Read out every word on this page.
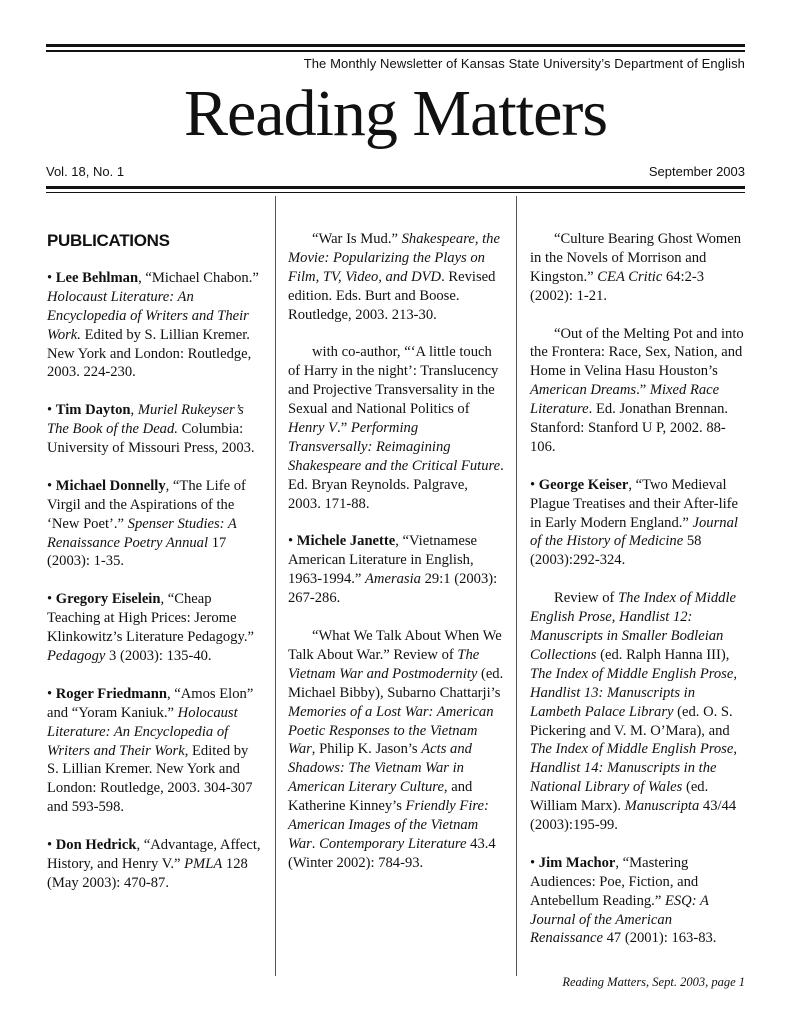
The Monthly Newsletter of Kansas State University’s Department of English
Reading Matters
Vol. 18, No. 1	September 2003
PUBLICATIONS

• Lee Behlman, “Michael Chabon.” Holocaust Literature: An Encyclopedia of Writers and Their Work. Edited by S. Lillian Kremer. New York and London: Routledge, 2003. 224-230.

• Tim Dayton, Muriel Rukeyser’s The Book of the Dead. Columbia: University of Missouri Press, 2003.

• Michael Donnelly, “The Life of Virgil and the Aspirations of the ‘New Poet’.” Spenser Studies: A Renaissance Poetry Annual 17 (2003): 1-35.

• Gregory Eiselein, “Cheap Teaching at High Prices: Jerome Klinkowitz’s Literature Pedagogy.” Pedagogy 3 (2003): 135-40.

• Roger Friedmann, “Amos Elon” and “Yoram Kaniuk.” Holocaust Literature: An Encyclopedia of Writers and Their Work, Edited by S. Lillian Kremer. New York and London: Routledge, 2003. 304-307 and 593-598.

• Don Hedrick, “Advantage, Affect, History, and Henry V.” PMLA 128 (May 2003): 470-87.

“War Is Mud.” Shakespeare, the Movie: Popularizing the Plays on Film, TV, Video, and DVD. Revised edition. Eds. Burt and Boose. Routledge, 2003. 213-30.

with co-author, “‘A little touch of Harry in the night’: Translucency and Projective Transversality in the Sexual and National Politics of Henry V.” Performing Transversally: Reimagining Shakespeare and the Critical Future. Ed. Bryan Reynolds. Palgrave, 2003. 171-88.

• Michele Janette, “Vietnamese American Literature in English, 1963-1994.” Amerasia 29:1 (2003): 267-286.

“What We Talk About When We Talk About War.” Review of The Vietnam War and Postmodernity (ed. Michael Bibby), Subarno Chattarji’s Memories of a Lost War: American Poetic Responses to the Vietnam War, Philip K. Jason’s Acts and Shadows: The Vietnam War in American Literary Culture, and Katherine Kinney’s Friendly Fire: American Images of the Vietnam War. Contemporary Literature 43.4 (Winter 2002): 784-93.

“Culture Bearing Ghost Women in the Novels of Morrison and Kingston.” CEA Critic 64:2-3 (2002): 1-21.

“Out of the Melting Pot and into the Frontera: Race, Sex, Nation, and Home in Velina Hasu Houston’s American Dreams.” Mixed Race Literature. Ed. Jonathan Brennan. Stanford: Stanford U P, 2002. 88-106.

• George Keiser, “Two Medieval Plague Treatises and their After-life in Early Modern England.” Journal of the History of Medicine 58 (2003):292-324.

Review of The Index of Middle English Prose, Handlist 12: Manuscripts in Smaller Bodleian Collections (ed. Ralph Hanna III), The Index of Middle English Prose, Handlist 13: Manuscripts in Lambeth Palace Library (ed. O. S. Pickering and V. M. O’Mara), and The Index of Middle English Prose, Handlist 14: Manuscripts in the National Library of Wales (ed. William Marx). Manuscripta 43/44 (2003):195-99.

• Jim Machor, “Mastering Audiences: Poe, Fiction, and Antebellum Reading.” ESQ: A Journal of the American Renaissance 47 (2001): 163-83.

Reading Matters, Sept. 2003, page 1
